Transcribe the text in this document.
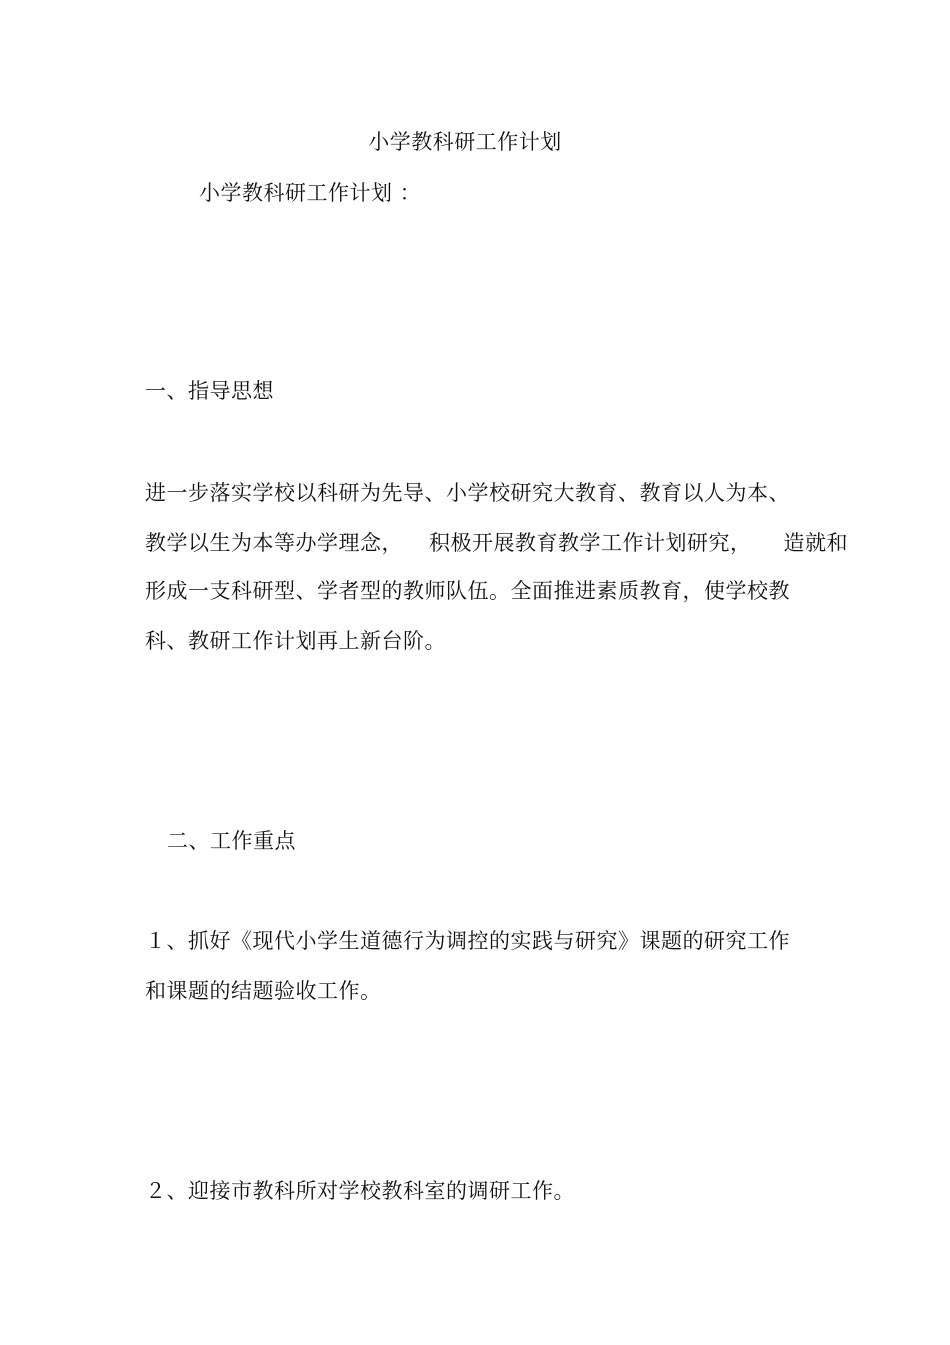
小学教科研工作计划
小学教科研工作计划 ：
一、指导思想
进一步落实学校以科研为先导、小学校研究大教育、教育以人为本、
教学以生为本等办学理念， 积极开展教育教学工作计划研究， 造就和
形成一支科研型、学者型的教师队伍。全面推进素质教育，使学校教
科、教研工作计划再上新台阶。
二、工作重点
１、抓好《现代小学生道德行为调控的实践与研究》课题的研究工作
和课题的结题验收工作。
２、迎接市教科所对学校教科室的调研工作。
